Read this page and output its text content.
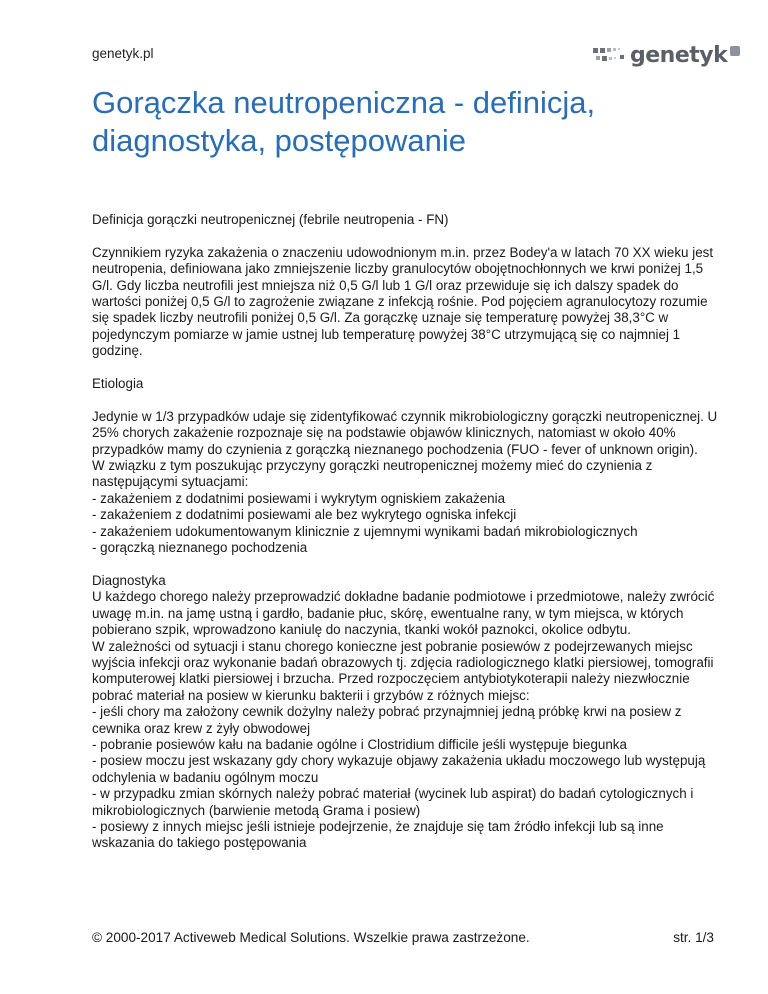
genetyk.pl	genetyk
Gorączka neutropeniczna - definicja, diagnostyka, postępowanie

Definicja gorączki neutropenicznej (febrile neutropenia - FN)

Czynnikiem ryzyka zakażenia o znaczeniu udowodnionym m.in. przez Bodey'a w latach 70 XX wieku jest neutropenia, definiowana jako zmniejszenie liczby granulocytów obojętnochłonnych we krwi poniżej 1,5 G/l. Gdy liczba neutrofili jest mniejsza niż 0,5 G/l lub 1 G/l oraz przewiduje się ich dalszy spadek do wartości poniżej 0,5 G/l to zagrożenie związane z infekcją rośnie. Pod pojęciem agranulocytozy rozumie się spadek liczby neutrofili poniżej 0,5 G/l. Za gorączkę uznaje się temperaturę powyżej 38,3°C w pojedynczym pomiarze w jamie ustnej lub temperaturę powyżej 38°C utrzymującą się co najmniej 1 godzinę.

Etiologia

Jedynie w 1/3 przypadków udaje się zidentyfikować czynnik mikrobiologiczny gorączki neutropenicznej. U 25% chorych zakażenie rozpoznaje się na podstawie objawów klinicznych, natomiast w około 40% przypadków mamy do czynienia z gorączką nieznanego pochodzenia (FUO - fever of unknown origin).
W związku z tym poszukując przyczyny gorączki neutropenicznej możemy mieć do czynienia z następującymi sytuacjami:
- zakażeniem z dodatnimi posiewami i wykrytym ogniskiem zakażenia
- zakażeniem z dodatnimi posiewami ale bez wykrytego ogniska infekcji
- zakażeniem udokumentowanym klinicznie z ujemnymi wynikami badań mikrobiologicznych
- gorączką nieznanego pochodzenia

Diagnostyka
U każdego chorego należy przeprowadzić dokładne badanie podmiotowe i przedmiotowe, należy zwrócić uwagę m.in. na jamę ustną i gardło, badanie płuc, skórę, ewentualne rany, w tym miejsca, w których pobierano szpik, wprowadzono kaniulę do naczynia, tkanki wokół paznokci, okolice odbytu.
W zależności od sytuacji i stanu chorego konieczne jest pobranie posiewów z podejrzewanych miejsc wyjścia infekcji oraz wykonanie badań obrazowych tj. zdjęcia radiologicznego klatki piersiowej, tomografii komputerowej klatki piersiowej i brzucha. Przed rozpoczęciem antybiotykoterapii należy niezwłocznie pobrać materiał na posiew w kierunku bakterii i grzybów z różnych miejsc:
- jeśli chory ma założony cewnik dożylny należy pobrać przynajmniej jedną próbkę krwi na posiew z cewnika oraz krew z żyły obwodowej
- pobranie posiewów kału na badanie ogólne i Clostridium difficile jeśli występuje biegunka
- posiew moczu jest wskazany gdy chory wykazuje objawy zakażenia układu moczowego lub występują odchylenia w badaniu ogólnym moczu
- w przypadku zmian skórnych należy pobrać materiał (wycinek lub aspirat) do badań cytologicznych i mikrobiologicznych (barwienie metodą Grama i posiew)
- posiewy z innych miejsc jeśli istnieje podejrzenie, że znajduje się tam źródło infekcji lub są inne wskazania do takiego postępowania

© 2000-2017 Activeweb Medical Solutions. Wszelkie prawa zastrzeżone.	str. 1/3
